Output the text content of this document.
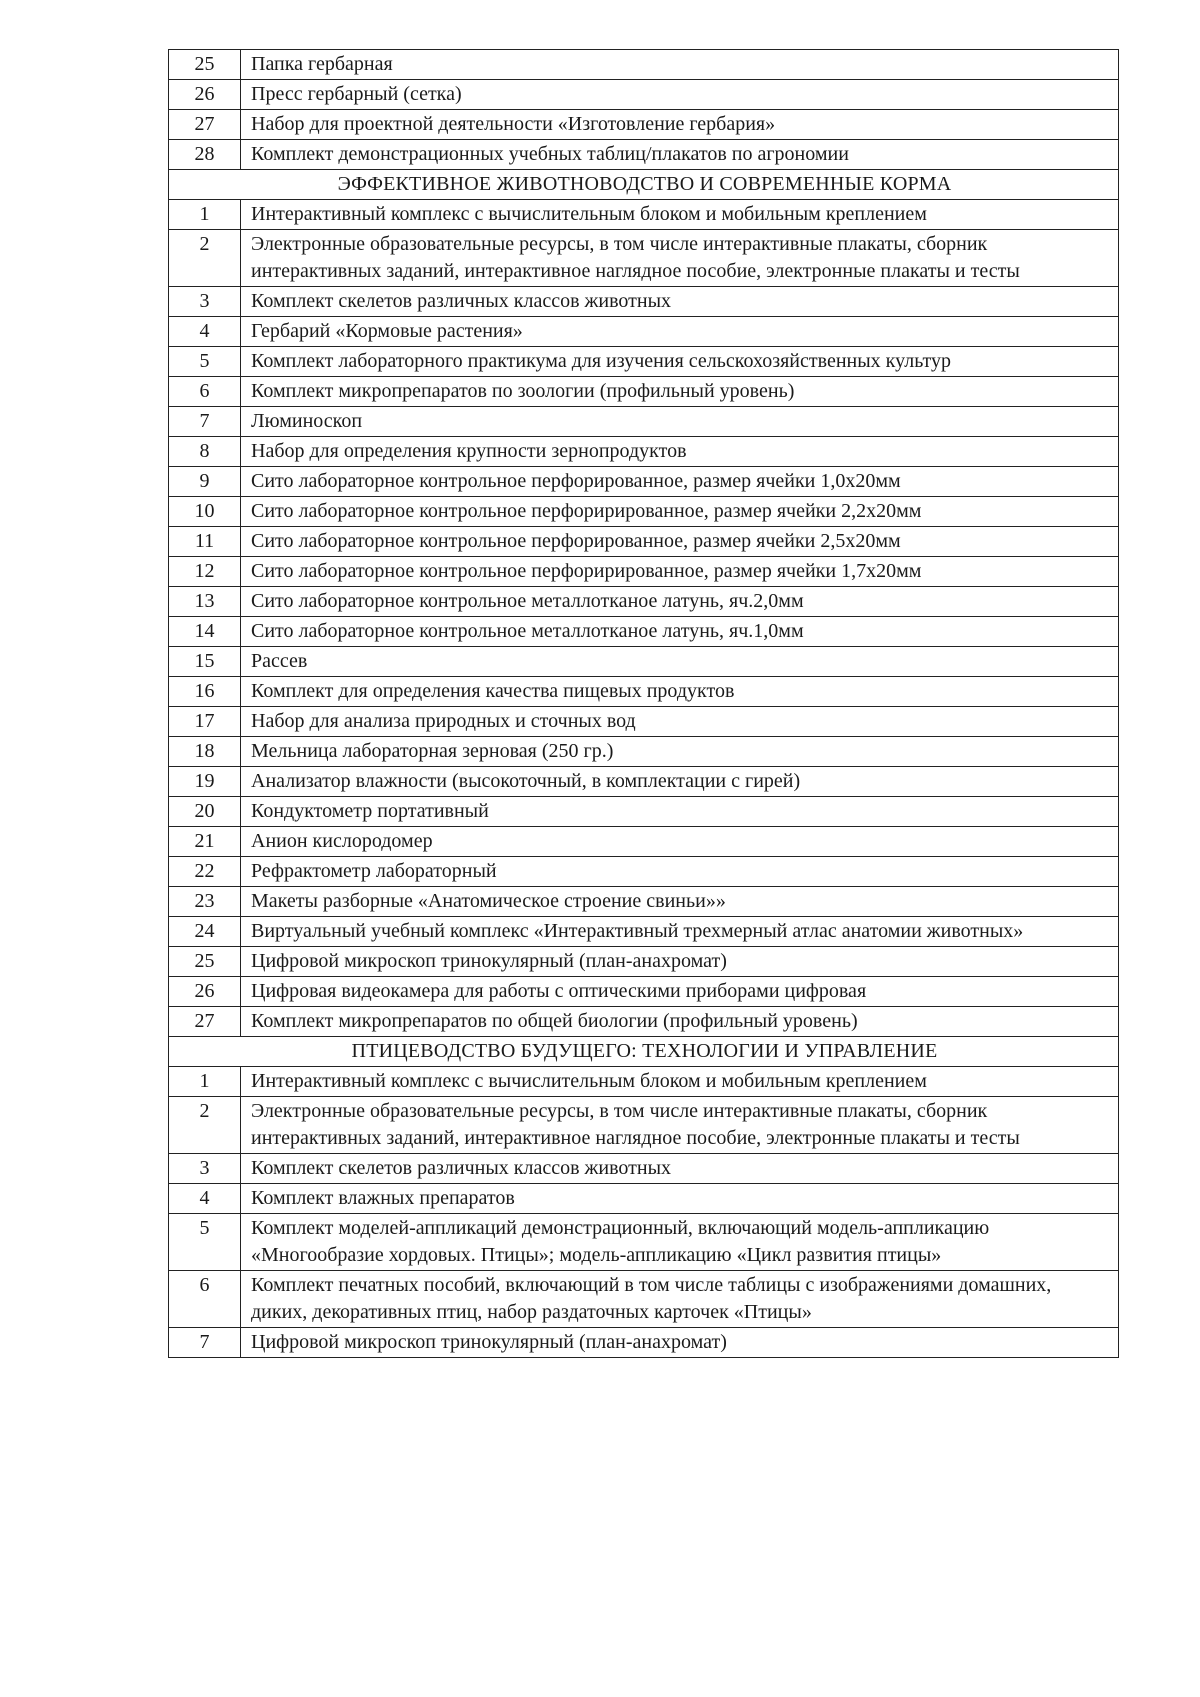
25	Папка гербарная
26	Пресс гербарный (сетка)
27	Набор для проектной деятельности «Изготовление гербария»
28	Комплект демонстрационных учебных таблиц/плакатов по агрономии
ЭФФЕКТИВНОЕ ЖИВОТНОВОДСТВО И СОВРЕМЕННЫЕ КОРМА	
1	Интерактивный комплекс с вычислительным блоком и мобильным креплением
2	Электронные образовательные ресурсы, в том числе интерактивные плакаты, сборник интерактивных заданий, интерактивное наглядное пособие, электронные плакаты и тесты
3	Комплект скелетов различных классов животных
4	Гербарий «Кормовые растения»
5	Комплект лабораторного практикума для изучения сельскохозяйственных культур
6	Комплект микропрепаратов по зоологии (профильный уровень)
7	Люминоскоп
8	Набор для определения крупности зернопродуктов
9	Сито лабораторное контрольное перфорированное, размер ячейки 1,0х20мм
10	Сито лабораторное контрольное перфорирированное, размер ячейки 2,2х20мм
11	Сито лабораторное контрольное перфорированное, размер ячейки 2,5х20мм
12	Сито лабораторное контрольное перфорирированное, размер ячейки 1,7х20мм
13	Сито лабораторное контрольное металлотканое латунь, яч.2,0мм
14	Сито лабораторное контрольное металлотканое латунь, яч.1,0мм
15	Рассев
16	Комплект для определения качества пищевых продуктов
17	Набор для анализа природных и сточных вод
18	Мельница лабораторная зерновая (250 гр.)
19	Анализатор влажности (высокоточный, в комплектации с гирей)
20	Кондуктометр портативный
21	Анион кислородомер
22	Рефрактометр лабораторный
23	Макеты разборные «Анатомическое строение свиньи»»
24	Виртуальный учебный комплекс «Интерактивный трехмерный атлас анатомии животных»
25	Цифровой микроскоп тринокулярный (план-анахромат)
26	Цифровая видеокамера для работы с оптическими приборами цифровая
27	Комплект микропрепаратов по общей биологии (профильный уровень)
ПТИЦЕВОДСТВО БУДУЩЕГО: ТЕХНОЛОГИИ И УПРАВЛЕНИЕ	
1	Интерактивный комплекс с вычислительным блоком и мобильным креплением
2	Электронные образовательные ресурсы, в том числе интерактивные плакаты, сборник интерактивных заданий, интерактивное наглядное пособие, электронные плакаты и тесты
3	Комплект скелетов различных классов животных
4	Комплект влажных препаратов
5	Комплект моделей-аппликаций демонстрационный, включающий модель-аппликацию «Многообразие хордовых. Птицы»; модель-аппликацию «Цикл развития птицы»
6	Комплект печатных пособий, включающий в том числе таблицы с изображениями домашних, диких, декоративных птиц, набор раздаточных карточек «Птицы»
7	Цифровой микроскоп тринокулярный (план-анахромат)
